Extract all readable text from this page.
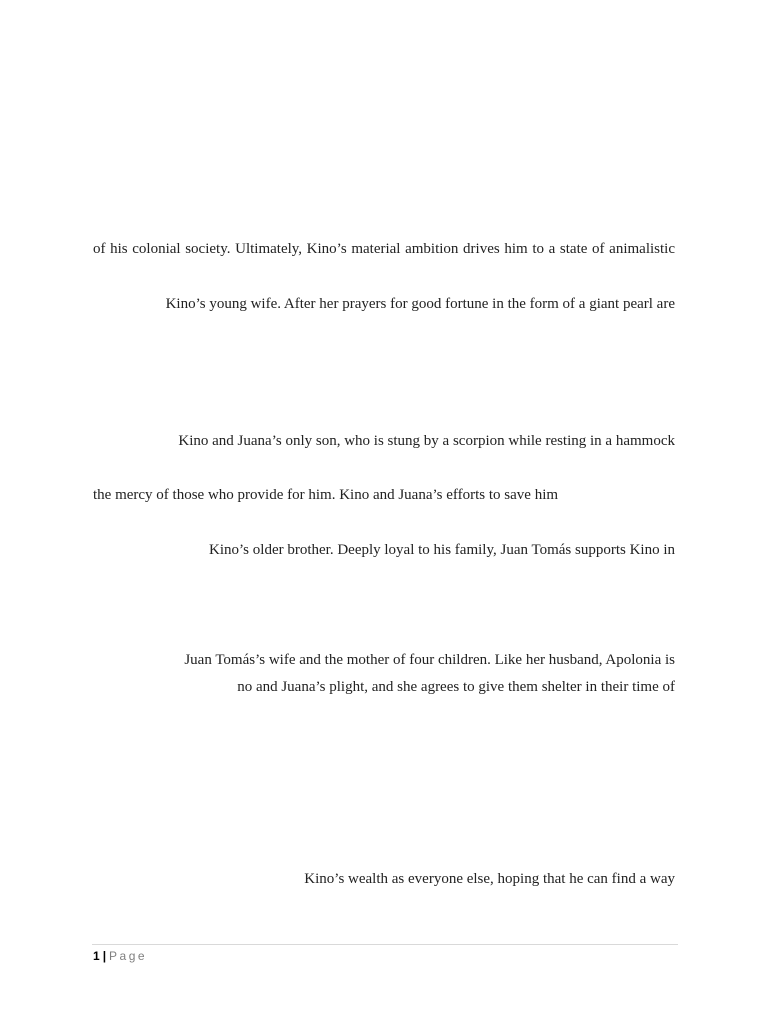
of his colonial society. Ultimately, Kino’s material ambition drives him to a state of animalistic
Kino’s young wife. After her prayers for good fortune in the form of a giant pearl are
Kino and Juana’s only son, who is stung by a scorpion while resting in a hammock
the mercy of those who provide for him. Kino and Juana’s efforts to save him
Kino’s older brother. Deeply loyal to his family, Juan Tomás supports Kino in
Juan Tomás’s wife and the mother of four children. Like her husband, Apolonia is
no and Juana’s plight, and she agrees to give them shelter in their time of
Kino’s wealth as everyone else, hoping that he can find a way
1 | Page
